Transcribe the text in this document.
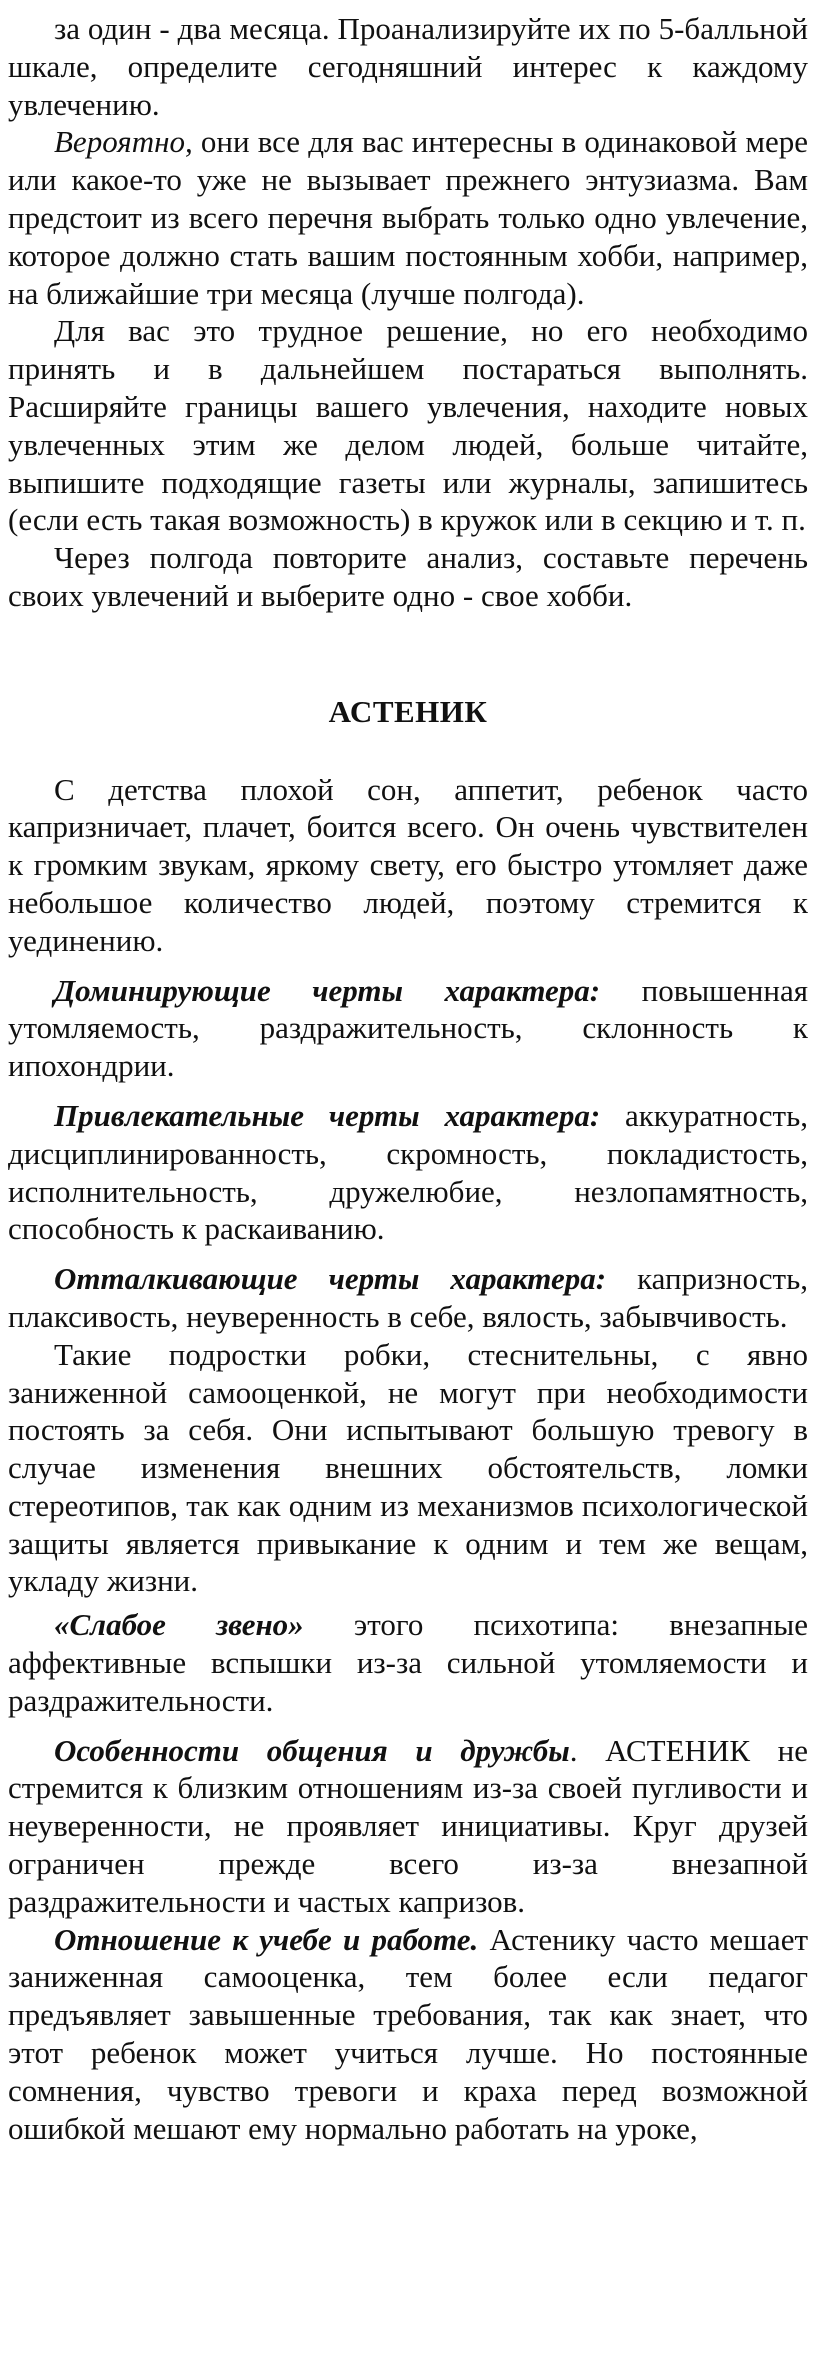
за один - два месяца. Проанализируйте их по 5-балльной шкале, определите сегодняшний интерес к каждому увлечению.

Вероятно, они все для вас интересны в одинаковой мере или какое-то уже не вызывает прежнего энтузиазма. Вам предстоит из всего перечня выбрать только одно увлечение, которое должно стать вашим постоянным хобби, например, на ближайшие три месяца (лучше полгода).

Для вас это трудное решение, но его необходимо принять и в дальнейшем постараться выполнять. Расширяйте границы вашего увлечения, находите новых увлеченных этим же делом людей, больше читайте, выпишите подходящие газеты или журналы, запишитесь (если есть такая возможность) в кружок или в секцию и т. п.

Через полгода повторите анализ, составьте перечень своих увлечений и выберите одно - свое хобби.

АСТЕНИК

С детства плохой сон, аппетит, ребенок часто капризничает, плачет, боится всего. Он очень чувствителен к громким звукам, яркому свету, его быстро утомляет даже небольшое количество людей, поэтому стремится к уединению.

Доминирующие черты характера: повышенная утомляемость, раздражительность, склонность к ипохондрии.

Привлекательные черты характера: аккуратность, дисциплинированность, скромность, покладистость, исполнительность, дружелюбие, незлопамятность, способность к раскаиванию.

Отталкивающие черты характера: капризность, плаксивость, неуверенность в себе, вялость, забывчивость.

Такие подростки робки, стеснительны, с явно заниженной самооценкой, не могут при необходимости постоять за себя. Они испытывают большую тревогу в случае изменения внешних обстоятельств, ломки стереотипов, так как одним из механизмов психологической защиты является привыкание к одним и тем же вещам, укладу жизни.

«Слабое звено» этого психотипа: внезапные аффективные вспышки из-за сильной утомляемости и раздражительности.

Особенности общения и дружбы. АСТЕНИК не стремится к близким отношениям из-за своей пугливости и неуверенности, не проявляет инициативы. Круг друзей ограничен прежде всего из-за внезапной раздражительности и частых капризов.

Отношение к учебе и работе. Астенику часто мешает заниженная самооценка, тем более если педагог предъявляет завышенные требования, так как знает, что этот ребенок может учиться лучше. Но постоянные сомнения, чувство тревоги и краха перед возможной ошибкой мешают ему нормально работать на уроке,
